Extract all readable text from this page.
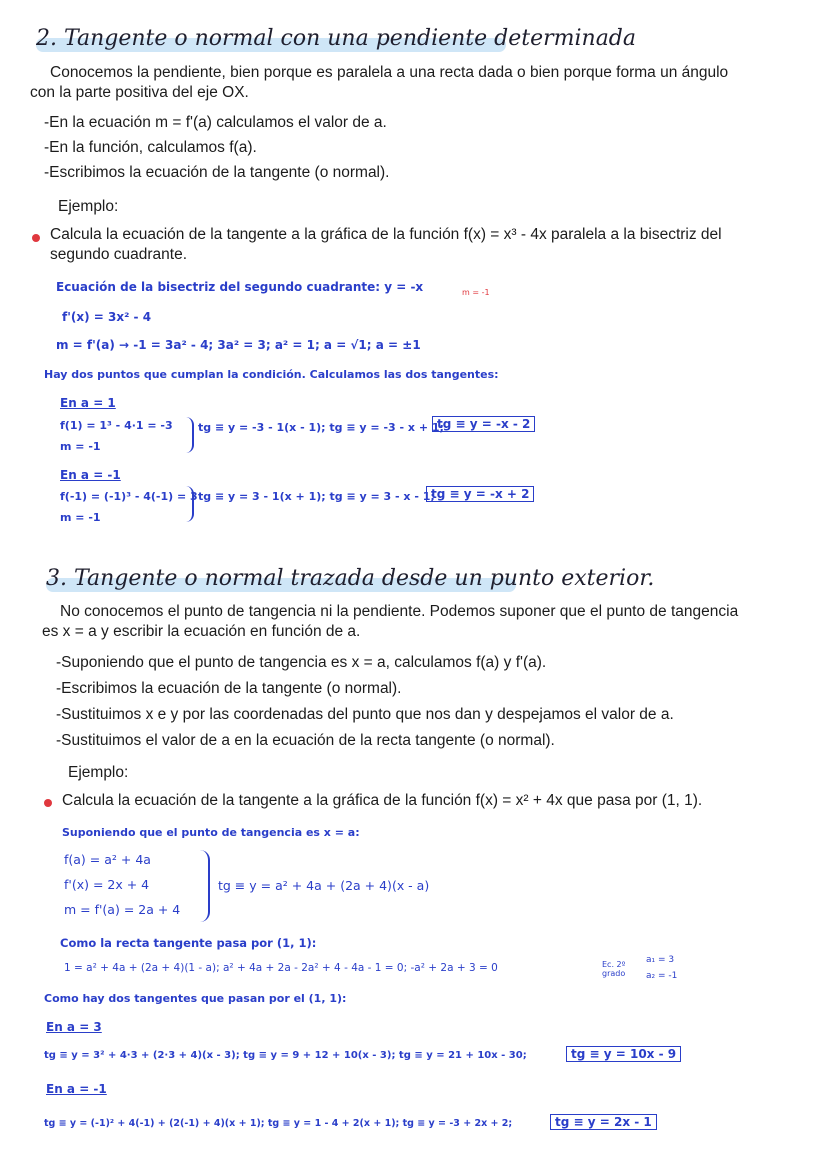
2. Tangente o normal con una pendiente determinada
Conocemos la pendiente, bien porque es paralela a una recta dada o bien porque forma un ángulo
con la parte positiva del eje OX.
-En la ecuación m = f'(a) calculamos el valor de a.
-En la función, calculamos f(a).
-Escribimos la ecuación de la tangente (o normal).
Ejemplo:
Calcula la ecuación de la tangente a la gráfica de la función f(x) = x³ - 4x paralela a la bisectriz del
segundo cuadrante.
Ecuación de la bisectriz del segundo cuadrante: y = -x	m = -1
f'(x) = 3x² - 4
m = f'(a) → -1 = 3a² - 4; 3a² = 3; a² = 1; a = √1; a = ±1
Hay dos puntos que cumplan la condición. Calculamos las dos tangentes:
En a = 1
f(1) = 1³ - 4·1 = -3
m = -1
tg ≡ y = -3 - 1(x - 1); tg ≡ y = -3 - x + 1;
tg ≡ y = -x - 2
En a = -1
f(-1) = (-1)³ - 4(-1) = 3
m = -1
tg ≡ y = 3 - 1(x + 1); tg ≡ y = 3 - x - 1;
tg ≡ y = -x + 2
3. Tangente o normal trazada desde un punto exterior.
No conocemos el punto de tangencia ni la pendiente. Podemos suponer que el punto de tangencia
es x = a y escribir la ecuación en función de a.
-Suponiendo que el punto de tangencia es x = a, calculamos f(a) y f'(a).
-Escribimos la ecuación de la tangente (o normal).
-Sustituimos x e y por las coordenadas del punto que nos dan y despejamos el valor de a.
-Sustituimos el valor de a en la ecuación de la recta tangente (o normal).
Ejemplo:
Calcula la ecuación de la tangente a la gráfica de la función f(x) = x² + 4x que pasa por (1, 1).
Suponiendo que el punto de tangencia es x = a:
f(a) = a² + 4a
f'(x) = 2x + 4
m = f'(a) = 2a + 4
tg ≡ y = a² + 4a + (2a + 4)(x - a)
Como la recta tangente pasa por (1, 1):
1 = a² + 4a + (2a + 4)(1 - a); a² + 4a + 2a - 2a² + 4 - 4a - 1 = 0; -a² + 2a + 3 = 0	Ec. 2º grado
a₁ = 3
a₂ = -1
Como hay dos tangentes que pasan por el (1, 1):
En a = 3
tg ≡ y = 3² + 4·3 + (2·3 + 4)(x - 3); tg ≡ y = 9 + 12 + 10(x - 3); tg ≡ y = 21 + 10x - 30;	tg ≡ y = 10x - 9
En a = -1
tg ≡ y = (-1)² + 4(-1) + (2(-1) + 4)(x + 1); tg ≡ y = 1 - 4 + 2(x + 1); tg ≡ y = -3 + 2x + 2;	tg ≡ y = 2x - 1
